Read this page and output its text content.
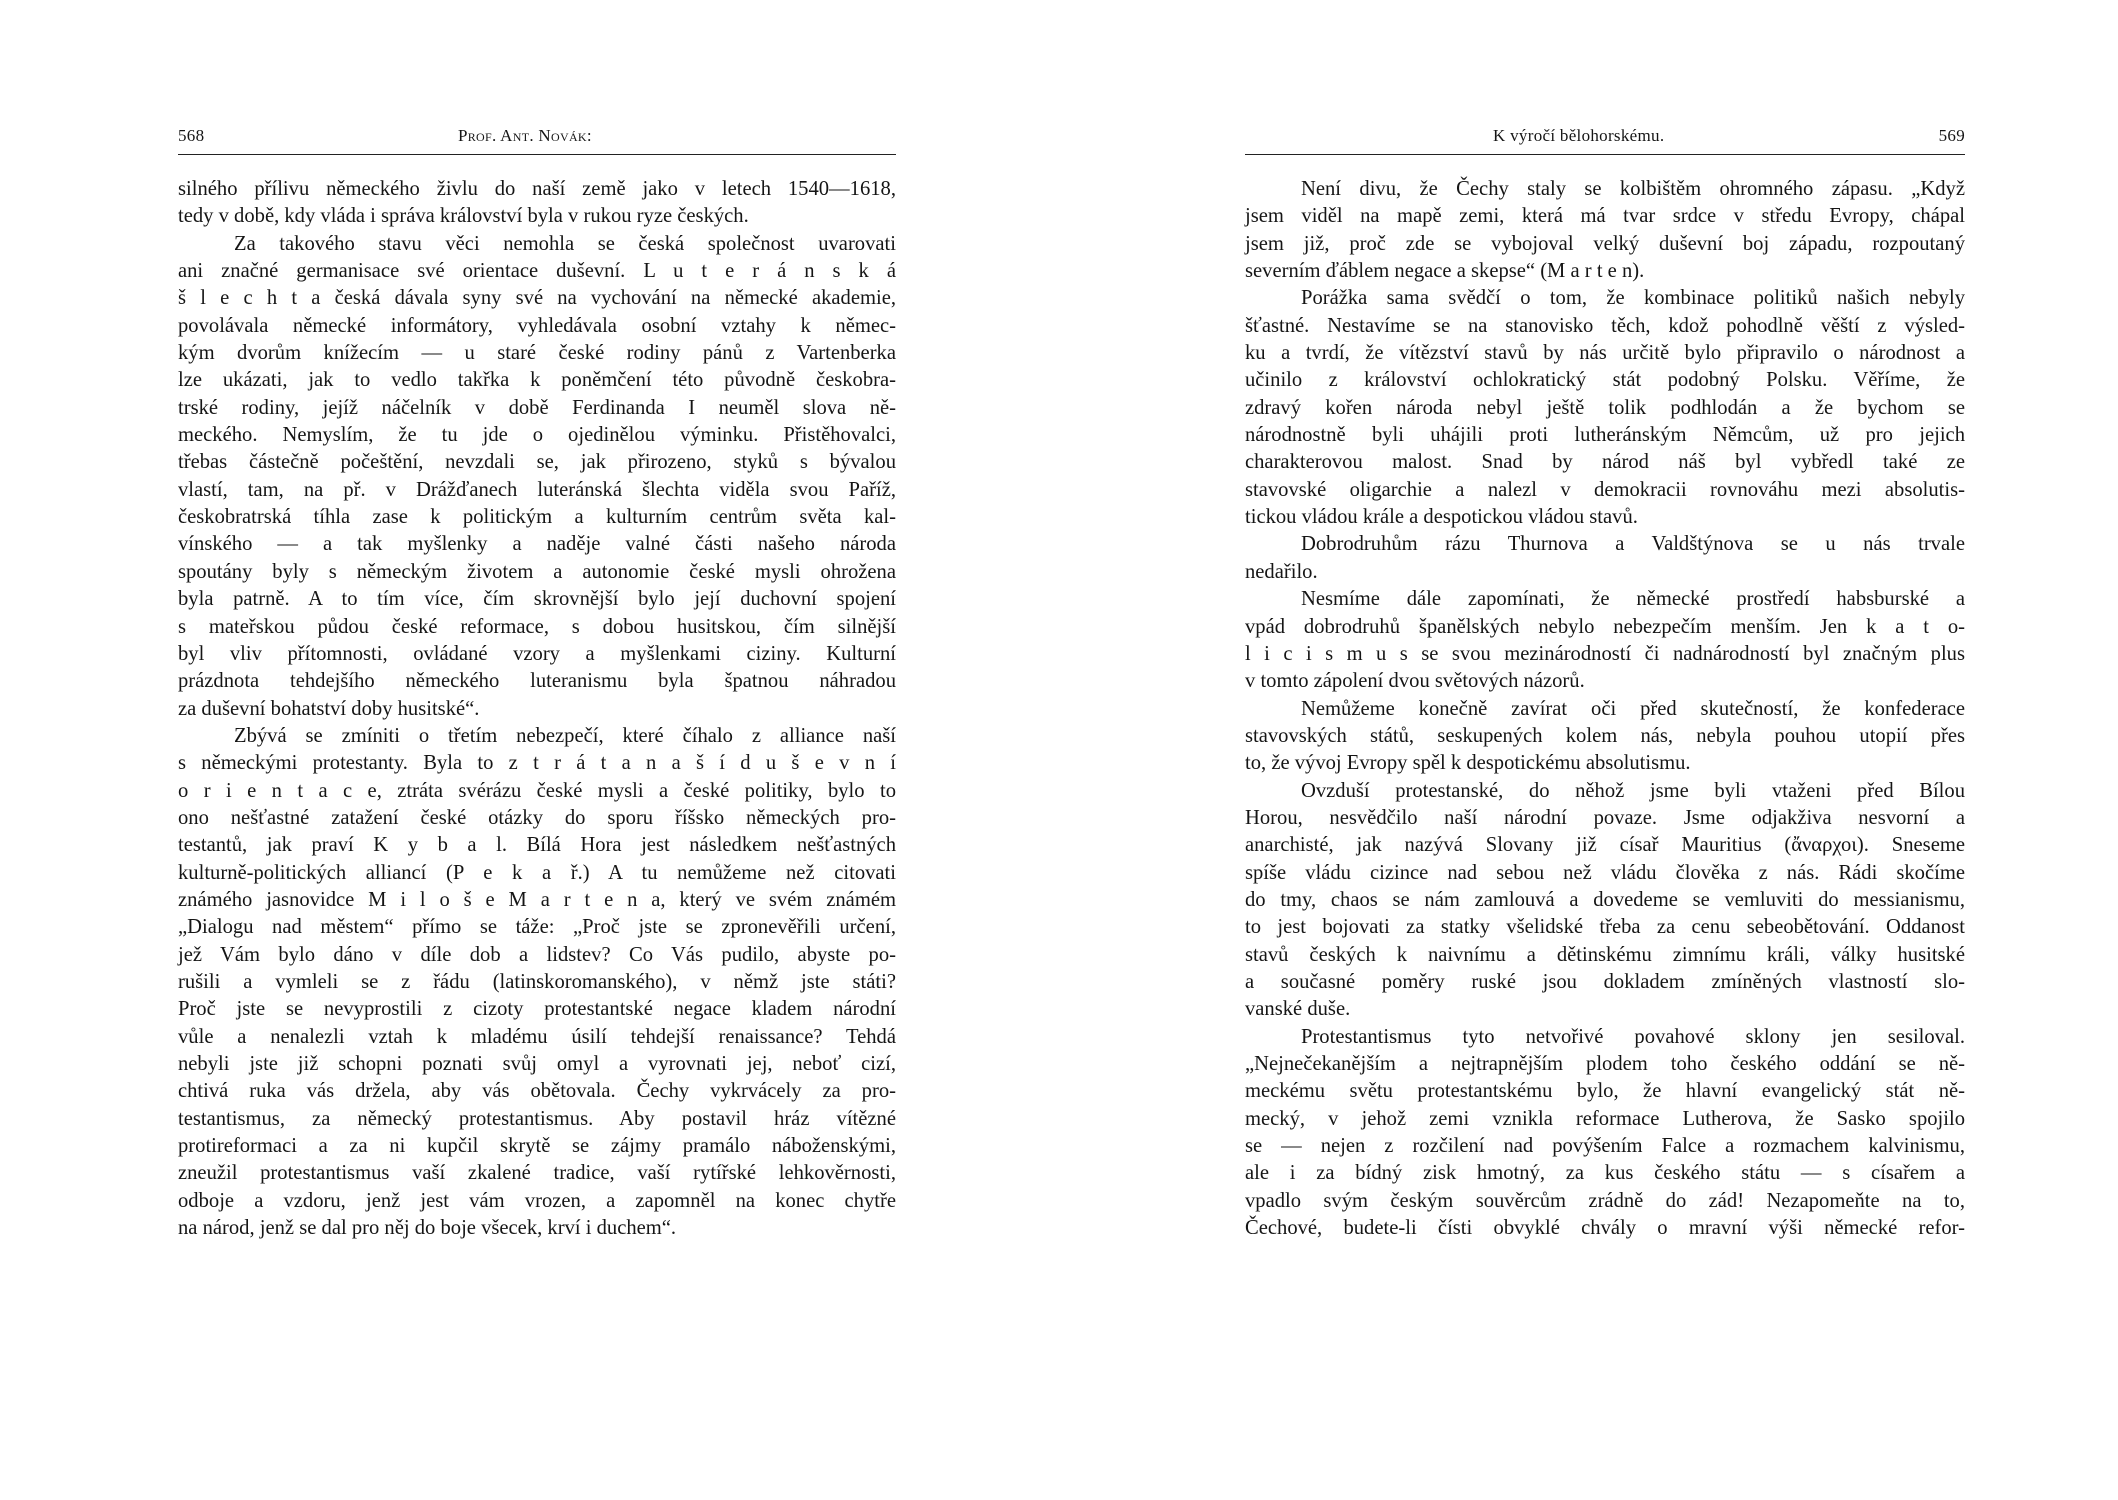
568	Prof. Ant. Novák:
silného přílivu německého živlu do naší země jako v letech 1540—1618,
tedy v době, kdy vláda i správa království byla v rukou ryze českých.
Za takového stavu věci nemohla se česká společnost uvarovati
ani značné germanisace své orientace duševní. L u t e r á n s k á
š l e c h t a česká dávala syny své na vychování na německé akademie,
povolávala německé informátory, vyhledávala osobní vztahy k němec-
kým dvorům knížecím — u staré české rodiny pánů z Vartenberka
lze ukázati, jak to vedlo takřka k poněmčení této původně českobra-
trské rodiny, jejíž náčelník v době Ferdinanda I neuměl slova ně-
meckého. Nemyslím, že tu jde o ojedinělou výminku. Přistěhovalci,
třebas částečně počeštění, nevzdali se, jak přirozeno, styků s bývalou
vlastí, tam, na př. v Drážďanech luteránská šlechta viděla svou Paříž,
českobratrská tíhla zase k politickým a kulturním centrům světa kal-
vínského — a tak myšlenky a naděje valné části našeho národa
spoutány byly s německým životem a autonomie české mysli ohrožena
byla patrně. A to tím více, čím skrovnější bylo její duchovní spojení
s mateřskou půdou české reformace, s dobou husitskou, čím silnější
byl vliv přítomnosti, ovládané vzory a myšlenkami ciziny. Kulturní
prázdnota tehdejšího německého luteranismu byla špatnou náhradou
za duševní bohatství doby husitské“.
Zbývá se zmíniti o třetím nebezpečí, které číhalo z alliance naší
s německými protestanty. Byla to z t r á t a n a š í d u š e v n í
o r i e n t a c e, ztráta svérázu české mysli a české politiky, bylo to
ono nešťastné zatažení české otázky do sporu říšsko německých pro-
testantů, jak praví K y b a l. Bílá Hora jest následkem nešťastných
kulturně-politických alliancí (P e k a ř.) A tu nemůžeme než citovati
známého jasnovidce M i l o š e M a r t e n a, který ve svém známém
„Dialogu nad městem“ přímo se táže: „Proč jste se zpronevěřili určení,
jež Vám bylo dáno v díle dob a lidstev? Co Vás pudilo, abyste po-
rušili a vymleli se z řádu (latinskoromanského), v němž jste státi?
Proč jste se nevyprostili z cizoty protestantské negace kladem národní
vůle a nenalezli vztah k mladému úsilí tehdejší renaissance? Tehdá
nebyli jste již schopni poznati svůj omyl a vyrovnati jej, neboť cizí,
chtivá ruka vás držela, aby vás obětovala. Čechy vykrvácely za pro-
testantismus, za německý protestantismus. Aby postavil hráz vítězné
protireformaci a za ni kupčil skrytě se zájmy pramálo náboženskými,
zneužil protestantismus vaší zkalené tradice, vaší rytířské lehkověrnosti,
odboje a vzdoru, jenž jest vám vrozen, a zapomněl na konec chytře
na národ, jenž se dal pro něj do boje všecek, krví i duchem“.
K výročí bělohorskému.	569
Není divu, že Čechy staly se kolbištěm ohromného zápasu. „Když
jsem viděl na mapě zemi, která má tvar srdce v středu Evropy, chápal
jsem již, proč zde se vybojoval velký duševní boj západu, rozpoutaný
severním ďáblem negace a skepse“ (M a r t e n).
Porážka sama svědčí o tom, že kombinace politiků našich nebyly
šťastné. Nestavíme se na stanovisko těch, kdož pohodlně věští z výsled-
ku a tvrdí, že vítězství stavů by nás určitě bylo připravilo o národnost a
učinilo z království ochlokratický stát podobný Polsku. Věříme, že
zdravý kořen národa nebyl ještě tolik podhlodán a že bychom se
národnostně byli uhájili proti lutheránským Němcům, už pro jejich
charakterovou malost. Snad by národ náš byl vybředl také ze
stavovské oligarchie a nalezl v demokracii rovnováhu mezi absolutis-
tickou vládou krále a despotickou vládou stavů.
Dobrodruhům rázu Thurnova a Valdštýnova se u nás trvale
nedařilo.
Nesmíme dále zapomínati, že německé prostředí habsburské a
vpád dobrodruhů španělských nebylo nebezpečím menším. Jen k a t o-
l i c i s m u s se svou mezinárodností či nadnárodností byl značným plus
v tomto zápolení dvou světových názorů.
Nemůžeme konečně zavírat oči před skutečností, že konfederace
stavovských států, seskupených kolem nás, nebyla pouhou utopií přes
to, že vývoj Evropy spěl k despotickému absolutismu.
Ovzduší protestanské, do něhož jsme byli vtaženi před Bílou
Horou, nesvědčilo naší národní povaze. Jsme odjakživa nesvorní a
anarchisté, jak nazývá Slovany již císař Mauritius (ἄναρχοι). Sneseme
spíše vládu cizince nad sebou než vládu člověka z nás. Rádi skočíme
do tmy, chaos se nám zamlouvá a dovedeme se vemluviti do messianismu,
to jest bojovati za statky všelidské třeba za cenu sebeobětování. Oddanost
stavů českých k naivnímu a dětinskému zimnímu králi, války husitské
a současné poměry ruské jsou dokladem zmíněných vlastností slo-
vanské duše.
Protestantismus tyto netvořivé povahové sklony jen sesiloval.
„Nejnečekanějším a nejtrapnějším plodem toho českého oddání se ně-
meckému světu protestantskému bylo, že hlavní evangelický stát ně-
mecký, v jehož zemi vznikla reformace Lutherova, že Sasko spojilo
se — nejen z rozčilení nad povýšením Falce a rozmachem kalvinismu,
ale i za bídný zisk hmotný, za kus českého státu — s císařem a
vpadlo svým českým souvěrcům zrádně do zád! Nezapomeňte na to,
Čechové, budete-li čísti obvyklé chvály o mravní výši německé refor-
